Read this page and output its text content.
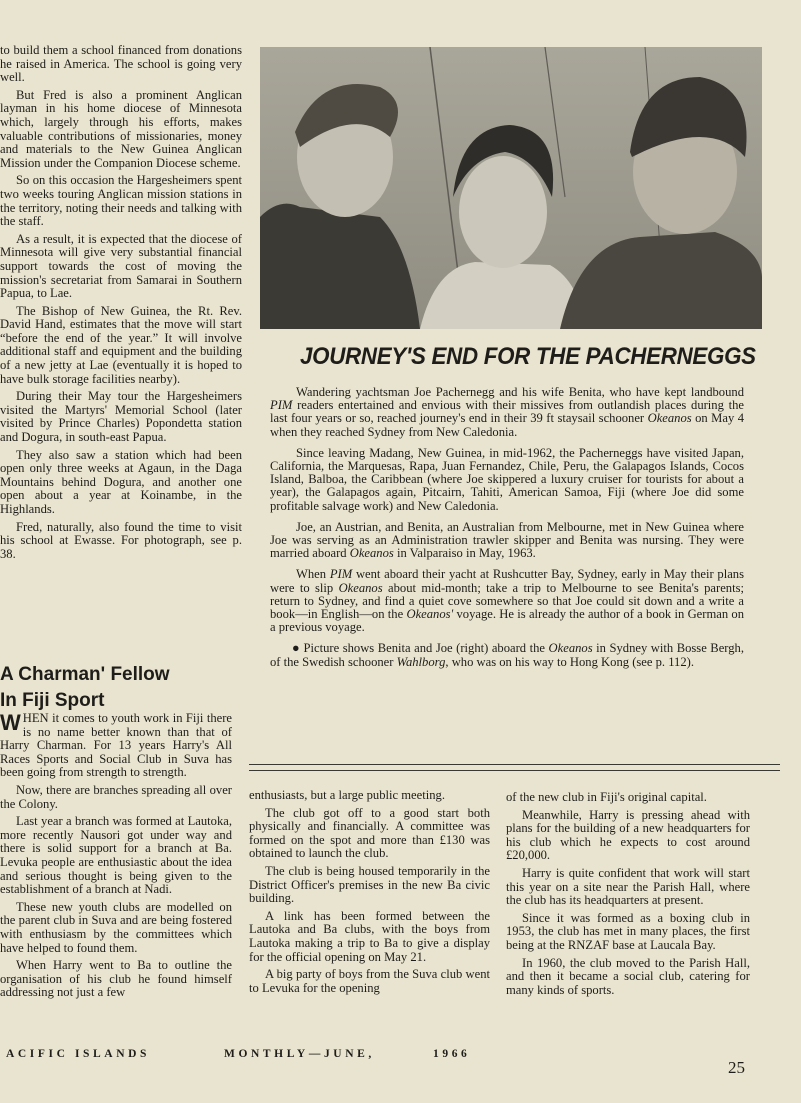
to build them a school financed from donations he raised in America. The school is going very well.

But Fred is also a prominent Anglican layman in his home diocese of Minnesota which, largely through his efforts, makes valuable contributions of missionaries, money and materials to the New Guinea Anglican Mission under the Companion Diocese scheme.

So on this occasion the Hargesheimers spent two weeks touring Anglican mission stations in the territory, noting their needs and talking with the staff.

As a result, it is expected that the diocese of Minnesota will give very substantial financial support towards the cost of moving the mission's secretariat from Samarai in Southern Papua, to Lae.

The Bishop of New Guinea, the Rt. Rev. David Hand, estimates that the move will start “before the end of the year.” It will involve additional staff and equipment and the building of a new jetty at Lae (eventually it is hoped to have bulk storage facilities nearby).

During their May tour the Hargesheimers visited the Martyrs' Memorial School (later visited by Prince Charles) Popondetta station and Dogura, in south-east Papua.

They also saw a station which had been open only three weeks at Agaun, in the Daga Mountains behind Dogura, and another one open about a year at Koinambe, in the Highlands.

Fred, naturally, also found the time to visit his school at Ewasse. For photograph, see p. 38.

JOURNEY'S END FOR THE PACHERNEGGS

Wandering yachtsman Joe Pachernegg and his wife Benita, who have kept landbound PIM readers entertained and envious with their missives from outlandish places during the last four years or so, reached journey's end in their 39 ft staysail schooner Okeanos on May 4 when they reached Sydney from New Caledonia.

Since leaving Madang, New Guinea, in mid-1962, the Pacherneggs have visited Japan, California, the Marquesas, Rapa, Juan Fernandez, Chile, Peru, the Galapagos Islands, Cocos Island, Balboa, the Caribbean (where Joe skippered a luxury cruiser for tourists for about a year), the Galapagos again, Pitcairn, Tahiti, American Samoa, Fiji (where Joe did some profitable salvage work) and New Caledonia.

Joe, an Austrian, and Benita, an Australian from Melbourne, met in New Guinea where Joe was serving as an Administration trawler skipper and Benita was nursing. They were married aboard Okeanos in Valparaiso in May, 1963.

When PIM went aboard their yacht at Rushcutter Bay, Sydney, early in May their plans were to slip Okeanos about mid-month; take a trip to Melbourne to see Benita's parents; return to Sydney, and find a quiet cove somewhere so that Joe could sit down and a write a book—in English—on the Okeanos' voyage. He is already the author of a book in German on a previous voyage.

● Picture shows Benita and Joe (right) aboard the Okeanos in Sydney with Bosse Bergh, of the Swedish schooner Wahlborg, who was on his way to Hong Kong (see p. 112).

A Charman' Fellow
In Fiji Sport

WHEN it comes to youth work in Fiji there is no name better known than that of Harry Charman. For 13 years Harry's All Races Sports and Social Club in Suva has been going from strength to strength.

Now, there are branches spreading all over the Colony.

Last year a branch was formed at Lautoka, more recently Nausori got under way and there is solid support for a branch at Ba. Levuka people are enthusiastic about the idea and serious thought is being given to the establishment of a branch at Nadi.

These new youth clubs are modelled on the parent club in Suva and are being fostered with enthusiasm by the committees which have helped to found them.

When Harry went to Ba to outline the organisation of his club he found himself addressing not just a few

enthusiasts, but a large public meeting.

The club got off to a good start both physically and financially. A committee was formed on the spot and more than £130 was obtained to launch the club.

The club is being housed temporarily in the District Officer's premises in the new Ba civic building.

A link has been formed between the Lautoka and Ba clubs, with the boys from Lautoka making a trip to Ba to give a display for the official opening on May 21.

A big party of boys from the Suva club went to Levuka for the opening

of the new club in Fiji's original capital.

Meanwhile, Harry is pressing ahead with plans for the building of a new headquarters for his club which he expects to cost around £20,000.

Harry is quite confident that work will start this year on a site near the Parish Hall, where the club has its headquarters at present.

Since it was formed as a boxing club in 1953, the club has met in many places, the first being at the RNZAF base at Laucala Bay.

In 1960, the club moved to the Parish Hall, and then it became a social club, catering for many kinds of sports.

ACIFIC ISLANDS	MONTHLY—JUNE,	1966
25
